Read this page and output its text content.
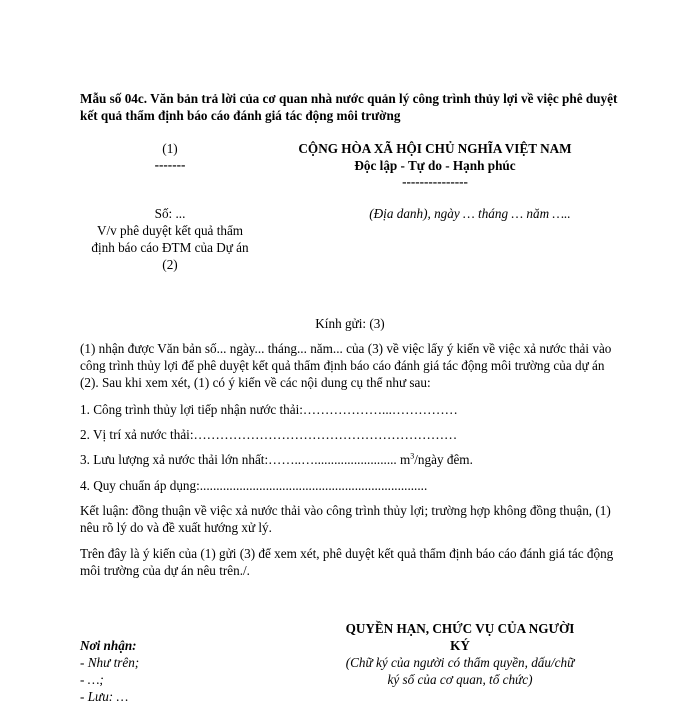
Mẫu số 04c. Văn bản trả lời của cơ quan nhà nước quản lý công trình thủy lợi về việc phê duyệt kết quả thẩm định báo cáo đánh giá tác động môi trường
(1)
-------
Số: ...
V/v phê duyệt kết quả thẩm
định báo cáo ĐTM của Dự án
(2)
CỘNG HÒA XÃ HỘI CHỦ NGHĨA VIỆT NAM
Độc lập - Tự do - Hạnh phúc
---------------
(Địa danh), ngày … tháng … năm …..
Kính gửi: (3)
(1) nhận được Văn bản số... ngày... tháng... năm... của (3) về việc lấy ý kiến về việc xả nước thải vào công trình thủy lợi để phê duyệt kết quả thẩm định báo cáo đánh giá tác động môi trường của dự án (2). Sau khi xem xét, (1) có ý kiến về các nội dung cụ thể như sau:
1. Công trình thủy lợi tiếp nhận nước thải:………………...……………
2. Vị trí xả nước thải:……………………………………………………
3. Lưu lượng xả nước thải lớn nhất:……..…......................... $m^3$/ngày đêm.
4. Quy chuẩn áp dụng:.....................................................................
Kết luận: đồng thuận về việc xả nước thải vào công trình thủy lợi; trường hợp không đồng thuận, (1) nêu rõ lý do và đề xuất hướng xử lý.
Trên đây là ý kiến của (1) gửi (3) để xem xét, phê duyệt kết quả thẩm định báo cáo đánh giá tác động môi trường của dự án nêu trên./.
Nơi nhận:
- Như trên;
- …;
- Lưu: …
QUYỀN HẠN, CHỨC VỤ CỦA NGƯỜI
KÝ
(Chữ ký của người có thẩm quyền, dấu/chữ
ký số của cơ quan, tổ chức)
